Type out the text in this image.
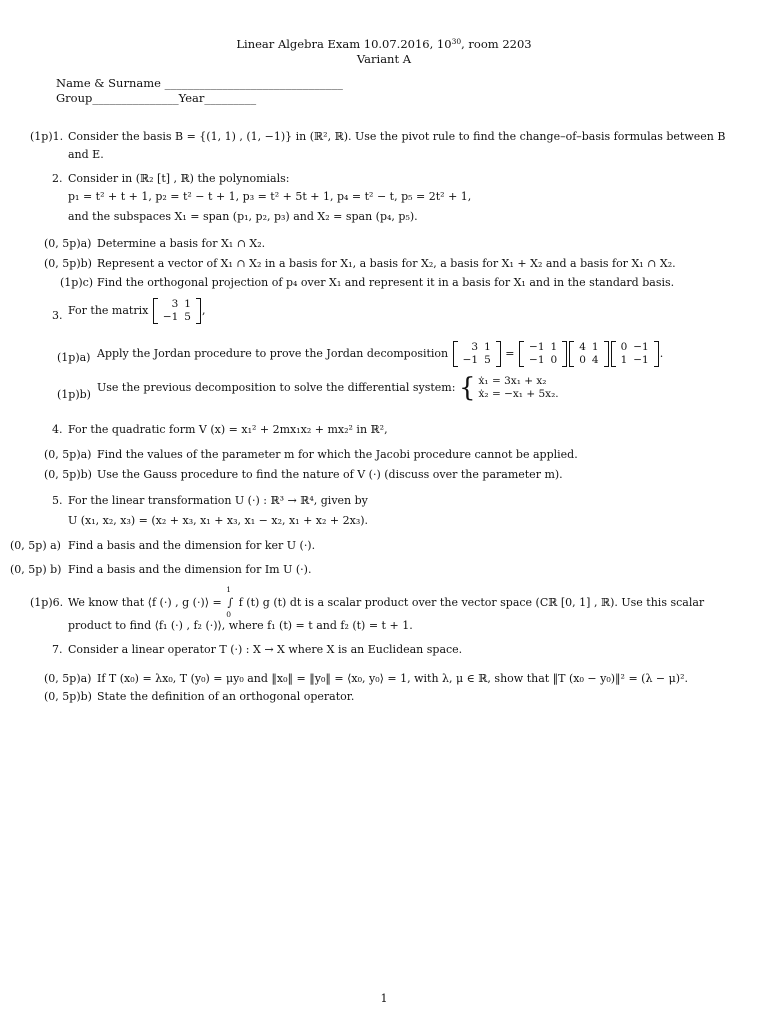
Linear Algebra Exam 10.07.2016, $10^{30}$, room 2203
Variant A
Name & Surname _______________________________
Group_______________Year_________
(1p)1. Consider the basis B = {(1, 1) , (1, −1)} in (ℝ², ℝ). Use the pivot rule to find the change–of–basis formulas between B
and E.
2. Consider in (ℝ₂ [t] , ℝ) the polynomials:
p₁ = t² + t + 1, p₂ = t² − t + 1, p₃ = t² + 5t + 1, p₄ = t² − t, p₅ = 2t² + 1,
and the subspaces X₁ = span (p₁, p₂, p₃) and X₂ = span (p₄, p₅).
(0, 5p)a) Determine a basis for X₁ ∩ X₂.
(0, 5p)b) Represent a vector of X₁ ∩ X₂ in a basis for X₁, a basis for X₂, a basis for X₁ + X₂ and a basis for X₁ ∩ X₂.
(1p)c) Find the orthogonal projection of p₄ over X₁ and represent it in a basis for X₁ and in the standard basis.
3. For the matrix 3	1
−1	5 ,
(1p)a) Apply the Jordan procedure to prove the Jordan decomposition 3	1
−1	5 = −1	1
−1	0
4	1
0	4
0	−1
1	−1 .
(1p)b)
Use the previous decomposition to solve the differential system: { ẋ₁ = 3x₁ + x₂
ẋ₂ = −x₁ + 5x₂.
4. For the quadratic form V (x) = x₁² + 2mx₁x₂ + mx₂² in ℝ²,
(0, 5p)a) Find the values of the parameter m for which the Jacobi procedure cannot be applied.
(0, 5p)b) Use the Gauss procedure to find the nature of V (·) (discuss over the parameter m).
5. For the linear transformation U (·) : ℝ³ → ℝ⁴, given by
U (x₁, x₂, x₃) = (x₂ + x₃, x₁ + x₃, x₁ − x₂, x₁ + x₂ + 2x₃).
(0, 5p) a) Find a basis and the dimension for ker U (·).
(0, 5p) b) Find a basis and the dimension for Im U (·).
(1p)6. We know that ⟨f (·) , g (·)⟩ =
1
∫
0
f (t) g (t) dt is a scalar product over the vector space (Cℝ [0, 1] , ℝ). Use this scalar
product to find ⟨f₁ (·) , f₂ (·)⟩, where f₁ (t) = t and f₂ (t) = t + 1.
7. Consider a linear operator T (·) : X → X where X is an Euclidean space.
(0, 5p)a) If T (x₀) = λx₀, T (y₀) = μy₀ and ‖x₀‖ = ‖y₀‖ = ⟨x₀, y₀⟩ = 1, with λ, μ ∈ ℝ, show that ‖T (x₀ − y₀)‖² = (λ − μ)².
(0, 5p)b) State the definition of an orthogonal operator.
1
